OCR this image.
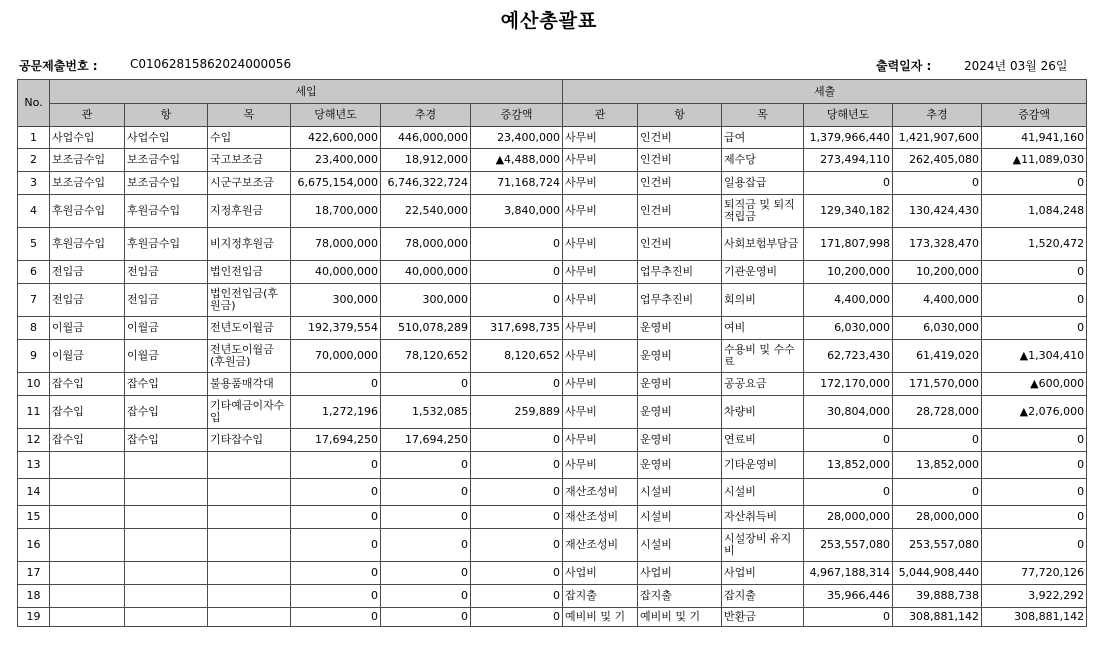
예산총괄표
공문제출번호 :	C01062815862024000056	출력일자 :	2024년 03월 26일
No.	세입						세출					
	관	항	목	당해년도	추경	증감액	관	항	목	당해년도	추경	증감액
1	사업수입	사업수입	수입	422,600,000	446,000,000	23,400,000	사무비	인건비	급여	1,379,966,440	1,421,907,600	41,941,160
2	보조금수입	보조금수입	국고보조금	23,400,000	18,912,000	▲4,488,000	사무비	인건비	제수당	273,494,110	262,405,080	▲11,089,030
3	보조금수입	보조금수입	시군구보조금	6,675,154,000	6,746,322,724	71,168,724	사무비	인건비	일용잡급	0	0	0
4	후원금수입	후원금수입	지정후원금	18,700,000	22,540,000	3,840,000	사무비	인건비	퇴직금 및 퇴직적립금	129,340,182	130,424,430	1,084,248
5	후원금수입	후원금수입	비지정후원금	78,000,000	78,000,000	0	사무비	인건비	사회보험부담금	171,807,998	173,328,470	1,520,472
6	전입금	전입금	법인전입금	40,000,000	40,000,000	0	사무비	업무추진비	기관운영비	10,200,000	10,200,000	0
7	전입금	전입금	법인전입금(후원금)	300,000	300,000	0	사무비	업무추진비	회의비	4,400,000	4,400,000	0
8	이월금	이월금	전년도이월금	192,379,554	510,078,289	317,698,735	사무비	운영비	여비	6,030,000	6,030,000	0
9	이월금	이월금	전년도이월금(후원금)	70,000,000	78,120,652	8,120,652	사무비	운영비	수용비 및 수수료	62,723,430	61,419,020	▲1,304,410
10	잡수입	잡수입	불용품매각대	0	0	0	사무비	운영비	공공요금	172,170,000	171,570,000	▲600,000
11	잡수입	잡수입	기타예금이자수입	1,272,196	1,532,085	259,889	사무비	운영비	차량비	30,804,000	28,728,000	▲2,076,000
12	잡수입	잡수입	기타잡수입	17,694,250	17,694,250	0	사무비	운영비	연료비	0	0	0
13				0	0	0	사무비	운영비	기타운영비	13,852,000	13,852,000	0
14				0	0	0	재산조성비	시설비	시설비	0	0	0
15				0	0	0	재산조성비	시설비	자산취득비	28,000,000	28,000,000	0
16				0	0	0	재산조성비	시설비	시설장비 유지비	253,557,080	253,557,080	0
17				0	0	0	사업비	사업비	사업비	4,967,188,314	5,044,908,440	77,720,126
18				0	0	0	잡지출	잡지출	잡지출	35,966,446	39,888,738	3,922,292
19				0	0	0	예비비 및 기	예비비 및 기	반환금	0	308,881,142	308,881,142
